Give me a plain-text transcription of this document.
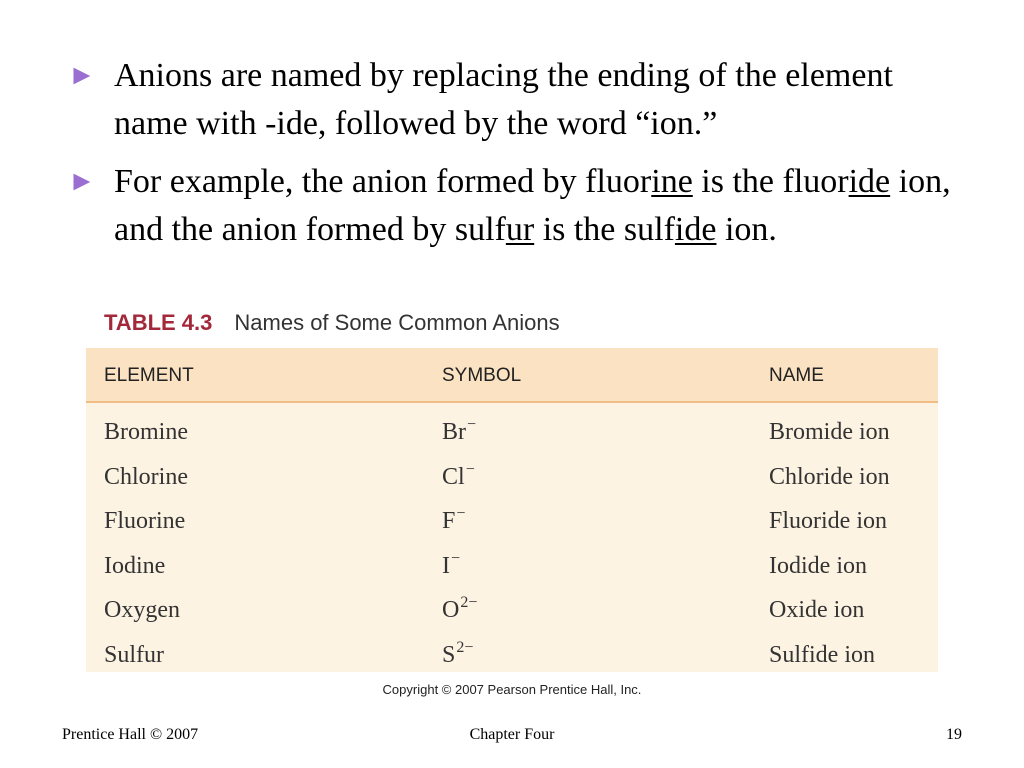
► Anions are named by replacing the ending of the element name with -ide, followed by the word “ion.”
► For example, the anion formed by fluorine is the fluoride ion, and the anion formed by sulfur is the sulfide ion.
TABLE 4.3 Names of Some Common Anions
ELEMENT	SYMBOL	NAME
Bromine	Br−	Bromide ion
Chlorine	Cl−	Chloride ion
Fluorine	F−	Fluoride ion
Iodine	I−	Iodide ion
Oxygen	$O^{2-}$	Oxide ion
Sulfur	$S^{2-}$	Sulfide ion
Copyright © 2007 Pearson Prentice Hall, Inc.
Prentice Hall © 2007	Chapter Four	19
